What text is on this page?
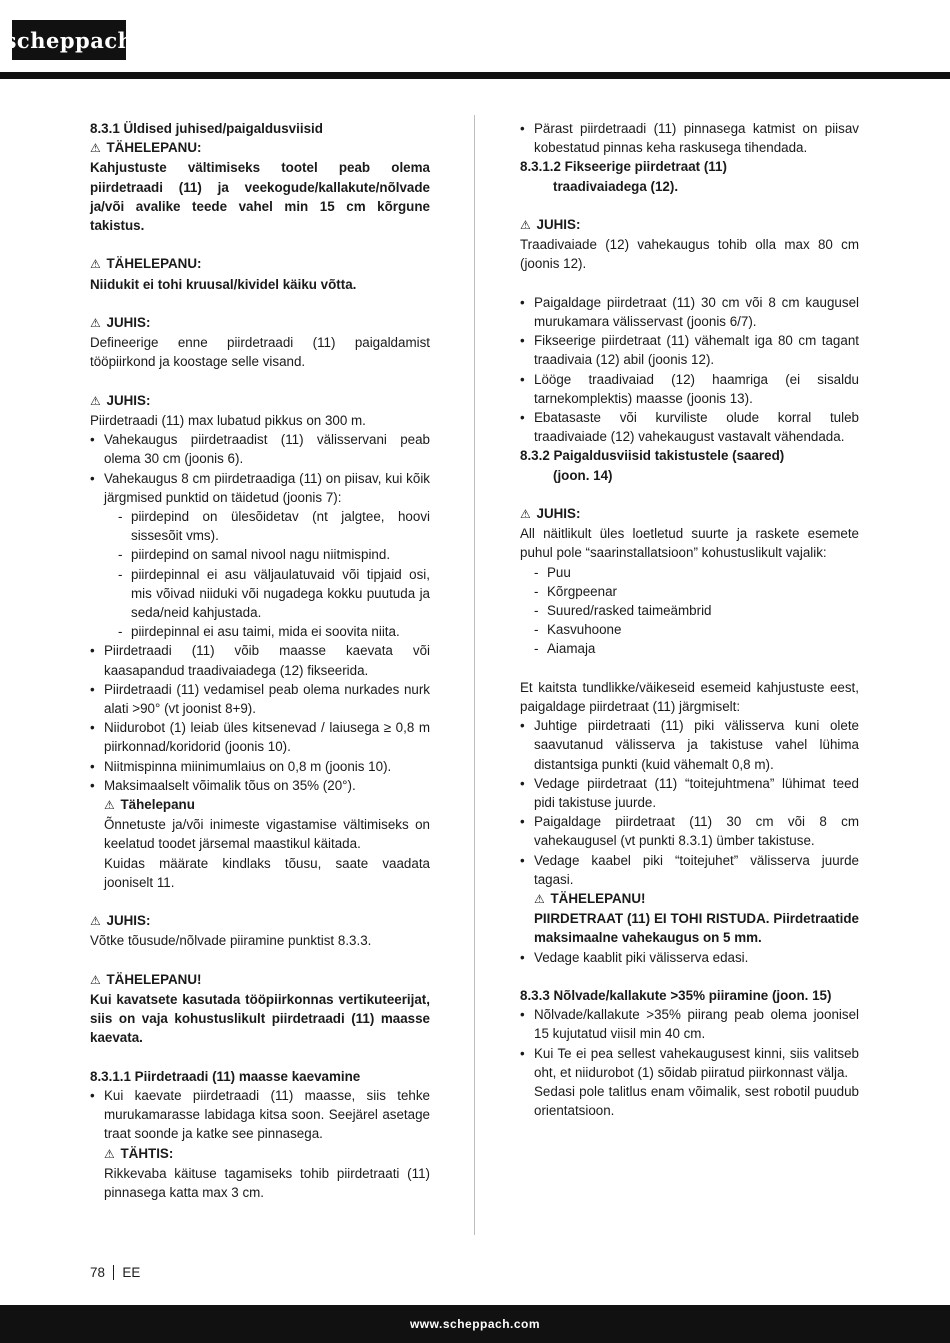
scheppach

8.3.1 Üldised juhised/paigaldusviisid

⚠ TÄHELEPANU:

Kahjustuste vältimiseks tootel peab olema piirdetraadi (11) ja veekogude/kallakute/nõlvade ja/või avalike teede vahel min 15 cm kõrgune takistus.

⚠ TÄHELEPANU:

Niidukit ei tohi kruusal/kividel käiku võtta.

⚠ JUHIS:

Defineerige enne piirdetraadi (11) paigaldamist tööpiirkond ja koostage selle visand.

⚠ JUHIS:

Piirdetraadi (11) max lubatud pikkus on 300 m.

• Vahekaugus piirdetraadist (11) välisservani peab olema 30 cm (joonis 6).
• Vahekaugus 8 cm piirdetraadiga (11) on piisav, kui kõik järgmised punktid on täidetud (joonis 7):
- piirdepind on ülesõidetav (nt jalgtee, hoovi sissesõit vms).
- piirdepind on samal nivool nagu niitmispind.
- piirdepinnal ei asu väljaulatuvaid või tipjaid osi, mis võivad niiduki või nugadega kokku puutuda ja seda/neid kahjustada.
- piirdepinnal ei asu taimi, mida ei soovita niita.
• Piirdetraadi (11) võib maasse kaevata või kaasapandud traadivaiadega (12) fikseerida.
• Piirdetraadi (11) vedamisel peab olema nurkades nurk alati >90° (vt joonist 8+9).
• Niidurobot (1) leiab üles kitsenevad / laiusega ≥ 0,8 m piirkonnad/koridorid (joonis 10).
• Niitmispinna miinimumlaius on 0,8 m (joonis 10).
• Maksimaalselt võimalik tõus on 35% (20°).

⚠ Tähelepanu

Õnnetuste ja/või inimeste vigastamise vältimiseks on keelatud toodet järsemal maastikul käitada.

Kuidas määrate kindlaks tõusu, saate vaadata jooniselt 11.

⚠ JUHIS:

Võtke tõusude/nõlvade piiramine punktist 8.3.3.

⚠ TÄHELEPANU!

Kui kavatsete kasutada tööpiirkonnas vertikuteerijat, siis on vaja kohustuslikult piirdetraadi (11) maasse kaevata.

8.3.1.1 Piirdetraadi (11) maasse kaevamine

• Kui kaevate piirdetraadi (11) maasse, siis tehke murukamarasse labidaga kitsa soon. Seejärel asetage traat soonde ja katke see pinnasega.

⚠ TÄHTIS:

Rikkevaba käituse tagamiseks tohib piirdetraati (11) pinnasega katta max 3 cm.

• Pärast piirdetraadi (11) pinnasega katmist on piisav kobestatud pinnas keha raskusega tihendada.

8.3.1.2 Fikseerige piirdetraat (11)

traadivaiadega (12).

⚠ JUHIS:

Traadivaiade (12) vahekaugus tohib olla max 80 cm (joonis 12).

• Paigaldage piirdetraat (11) 30 cm või 8 cm kaugusel murukamara välisservast (joonis 6/7).
• Fikseerige piirdetraat (11) vähemalt iga 80 cm tagant traadivaia (12) abil (joonis 12).
• Lööge traadivaiad (12) haamriga (ei sisaldu tarnekomplektis) maasse (joonis 13).
• Ebatasaste või kurviliste olude korral tuleb traadivaiade (12) vahekaugust vastavalt vähendada.

8.3.2 Paigaldusviisid takistustele (saared)

(joon. 14)

⚠ JUHIS:

All näitlikult üles loetletud suurte ja raskete esemete puhul pole “saarinstallatsioon” kohustuslikult vajalik:

- Puu
- Kõrgpeenar
- Suured/rasked taimeämbrid
- Kasvuhoone
- Aiamaja

Et kaitsta tundlikke/väikeseid esemeid kahjustuste eest, paigaldage piirdetraat (11) järgmiselt:

• Juhtige piirdetraati (11) piki välisserva kuni olete saavutanud välisserva ja takistuse vahel lühima distantsiga punkti (kuid vähemalt 0,8 m).
• Vedage piirdetraat (11) “toitejuhtmena” lühimat teed pidi takistuse juurde.
• Paigaldage piirdetraat (11) 30 cm või 8 cm vahekaugusel (vt punkti 8.3.1) ümber takistuse.
• Vedage kaabel piki “toitejuhet” välisserva juurde tagasi.

⚠ TÄHELEPANU!

PIIRDETRAAT (11) EI TOHI RISTUDA. Piirdetraatide maksimaalne vahekaugus on 5 mm.

• Vedage kaablit piki välisserva edasi.

8.3.3 Nõlvade/kallakute >35% piiramine (joon. 15)

• Nõlvade/kallakute >35% piirang peab olema joonisel 15 kujutatud viisil min 40 cm.
• Kui Te ei pea sellest vahekaugusest kinni, siis valitseb oht, et niidurobot (1) sõidab piiratud piirkonnast välja.

Sedasi pole talitlus enam võimalik, sest robotil puudub orientatsioon.

78 EE
www.scheppach.com
